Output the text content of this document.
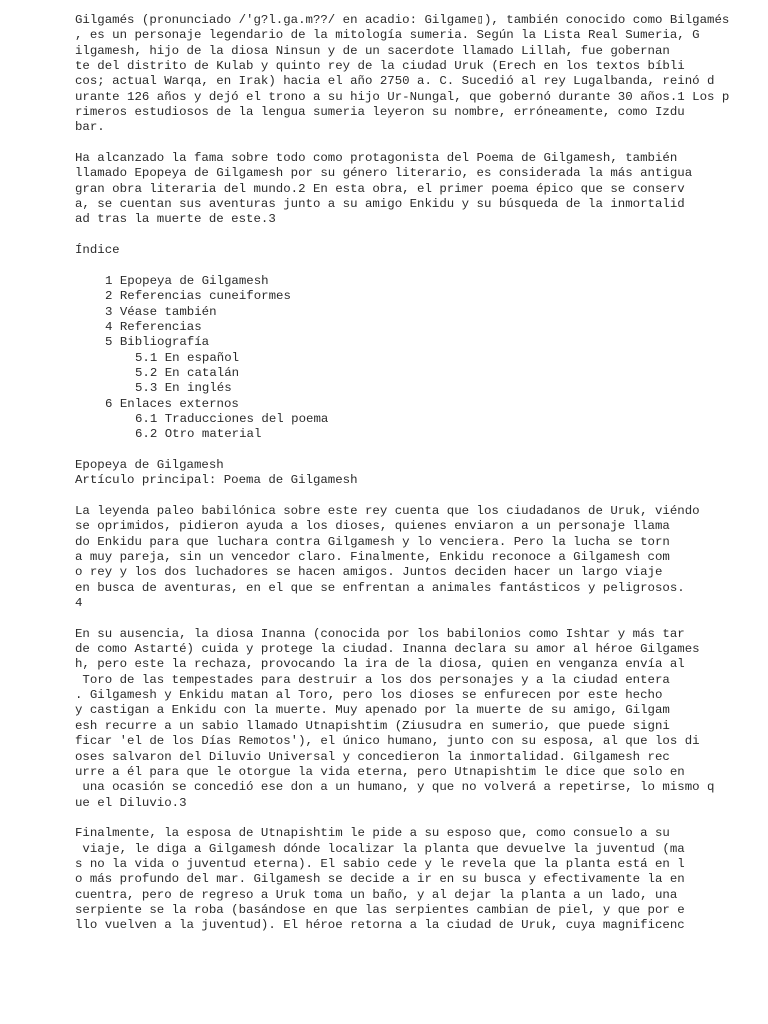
Gilgamés (pronunciado /'g?l.ga.m??/ en acadio: Gilgame▯), también conocido como Bilgamés
, es un personaje legendario de la mitología sumeria. Según la Lista Real Sumeria, G
ilgamesh, hijo de la diosa Ninsun y de un sacerdote llamado Lillah, fue gobernan
te del distrito de Kulab y quinto rey de la ciudad Uruk (Erech en los textos bíbli
cos; actual Warqa, en Irak) hacia el año 2750 a. C. Sucedió al rey Lugalbanda, reinó d
urante 126 años y dejó el trono a su hijo Ur-Nungal, que gobernó durante 30 años.1 Los p
rimeros estudiosos de la lengua sumeria leyeron su nombre, erróneamente, como Izdu
bar.
Ha alcanzado la fama sobre todo como protagonista del Poema de Gilgamesh, también
llamado Epopeya de Gilgamesh por su género literario, es considerada la más antigua
gran obra literaria del mundo.2 En esta obra, el primer poema épico que se conserv
a, se cuentan sus aventuras junto a su amigo Enkidu y su búsqueda de la inmortalid
ad tras la muerte de este.3
Índice
1 Epopeya de Gilgamesh
2 Referencias cuneiformes
3 Véase también
4 Referencias
5 Bibliografía
5.1 En español
5.2 En catalán
5.3 En inglés
6 Enlaces externos
6.1 Traducciones del poema
6.2 Otro material
Epopeya de Gilgamesh
Artículo principal: Poema de Gilgamesh
La leyenda paleo babilónica sobre este rey cuenta que los ciudadanos de Uruk, viéndo
se oprimidos, pidieron ayuda a los dioses, quienes enviaron a un personaje llama
do Enkidu para que luchara contra Gilgamesh y lo venciera. Pero la lucha se torn
a muy pareja, sin un vencedor claro. Finalmente, Enkidu reconoce a Gilgamesh com
o rey y los dos luchadores se hacen amigos. Juntos deciden hacer un largo viaje
en busca de aventuras, en el que se enfrentan a animales fantásticos y peligrosos.
4
En su ausencia, la diosa Inanna (conocida por los babilonios como Ishtar y más tar
de como Astarté) cuida y protege la ciudad. Inanna declara su amor al héroe Gilgames
h, pero este la rechaza, provocando la ira de la diosa, quien en venganza envía al
Toro de las tempestades para destruir a los dos personajes y a la ciudad entera
. Gilgamesh y Enkidu matan al Toro, pero los dioses se enfurecen por este hecho
y castigan a Enkidu con la muerte. Muy apenado por la muerte de su amigo, Gilgam
esh recurre a un sabio llamado Utnapishtim (Ziusudra en sumerio, que puede signi
ficar 'el de los Días Remotos'), el único humano, junto con su esposa, al que los di
oses salvaron del Diluvio Universal y concedieron la inmortalidad. Gilgamesh rec
urre a él para que le otorgue la vida eterna, pero Utnapishtim le dice que solo en
una ocasión se concedió ese don a un humano, y que no volverá a repetirse, lo mismo q
ue el Diluvio.3
Finalmente, la esposa de Utnapishtim le pide a su esposo que, como consuelo a su
viaje, le diga a Gilgamesh dónde localizar la planta que devuelve la juventud (ma
s no la vida o juventud eterna). El sabio cede y le revela que la planta está en l
o más profundo del mar. Gilgamesh se decide a ir en su busca y efectivamente la en
cuentra, pero de regreso a Uruk toma un baño, y al dejar la planta a un lado, una
serpiente se la roba (basándose en que las serpientes cambian de piel, y que por e
llo vuelven a la juventud). El héroe retorna a la ciudad de Uruk, cuya magnificenc
